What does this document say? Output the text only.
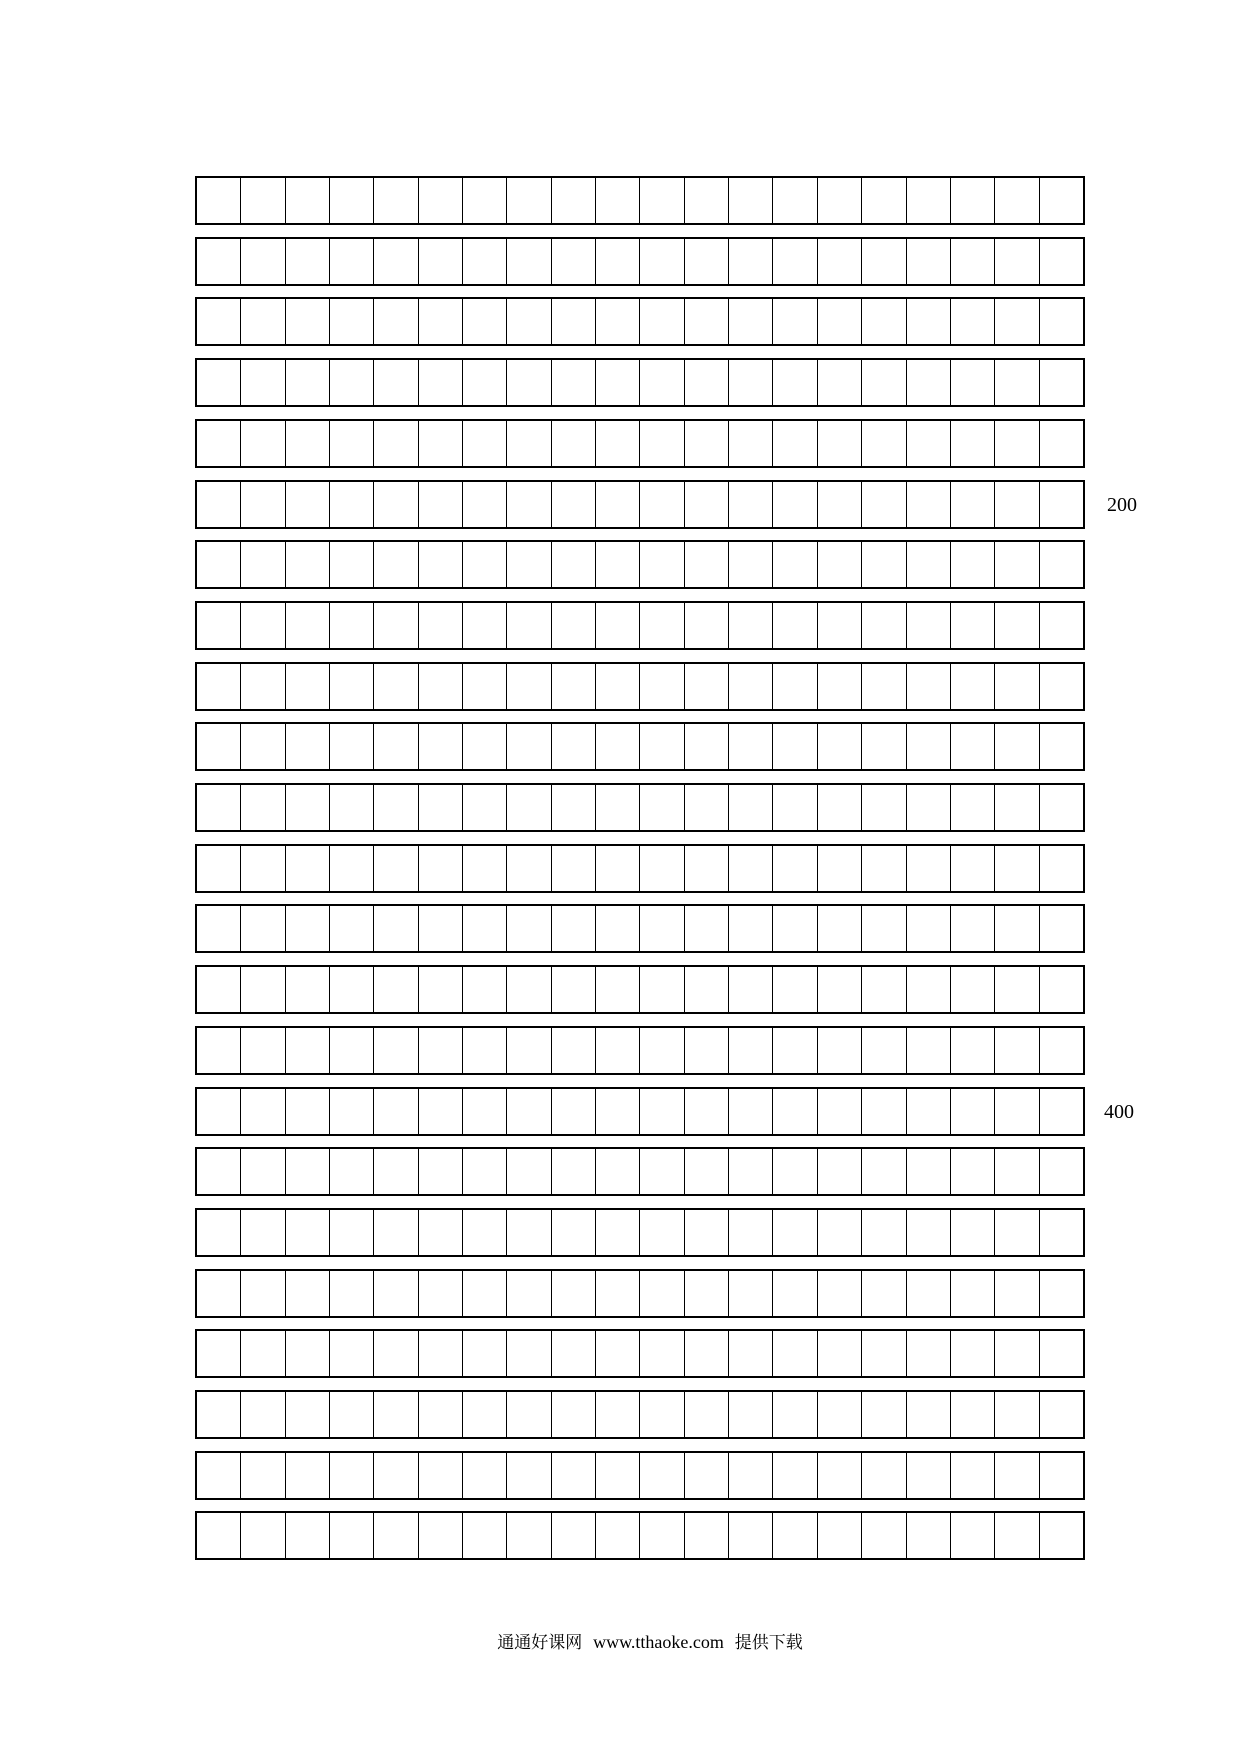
200
400
通通好课网 www.tthaoke.com 提供下载
